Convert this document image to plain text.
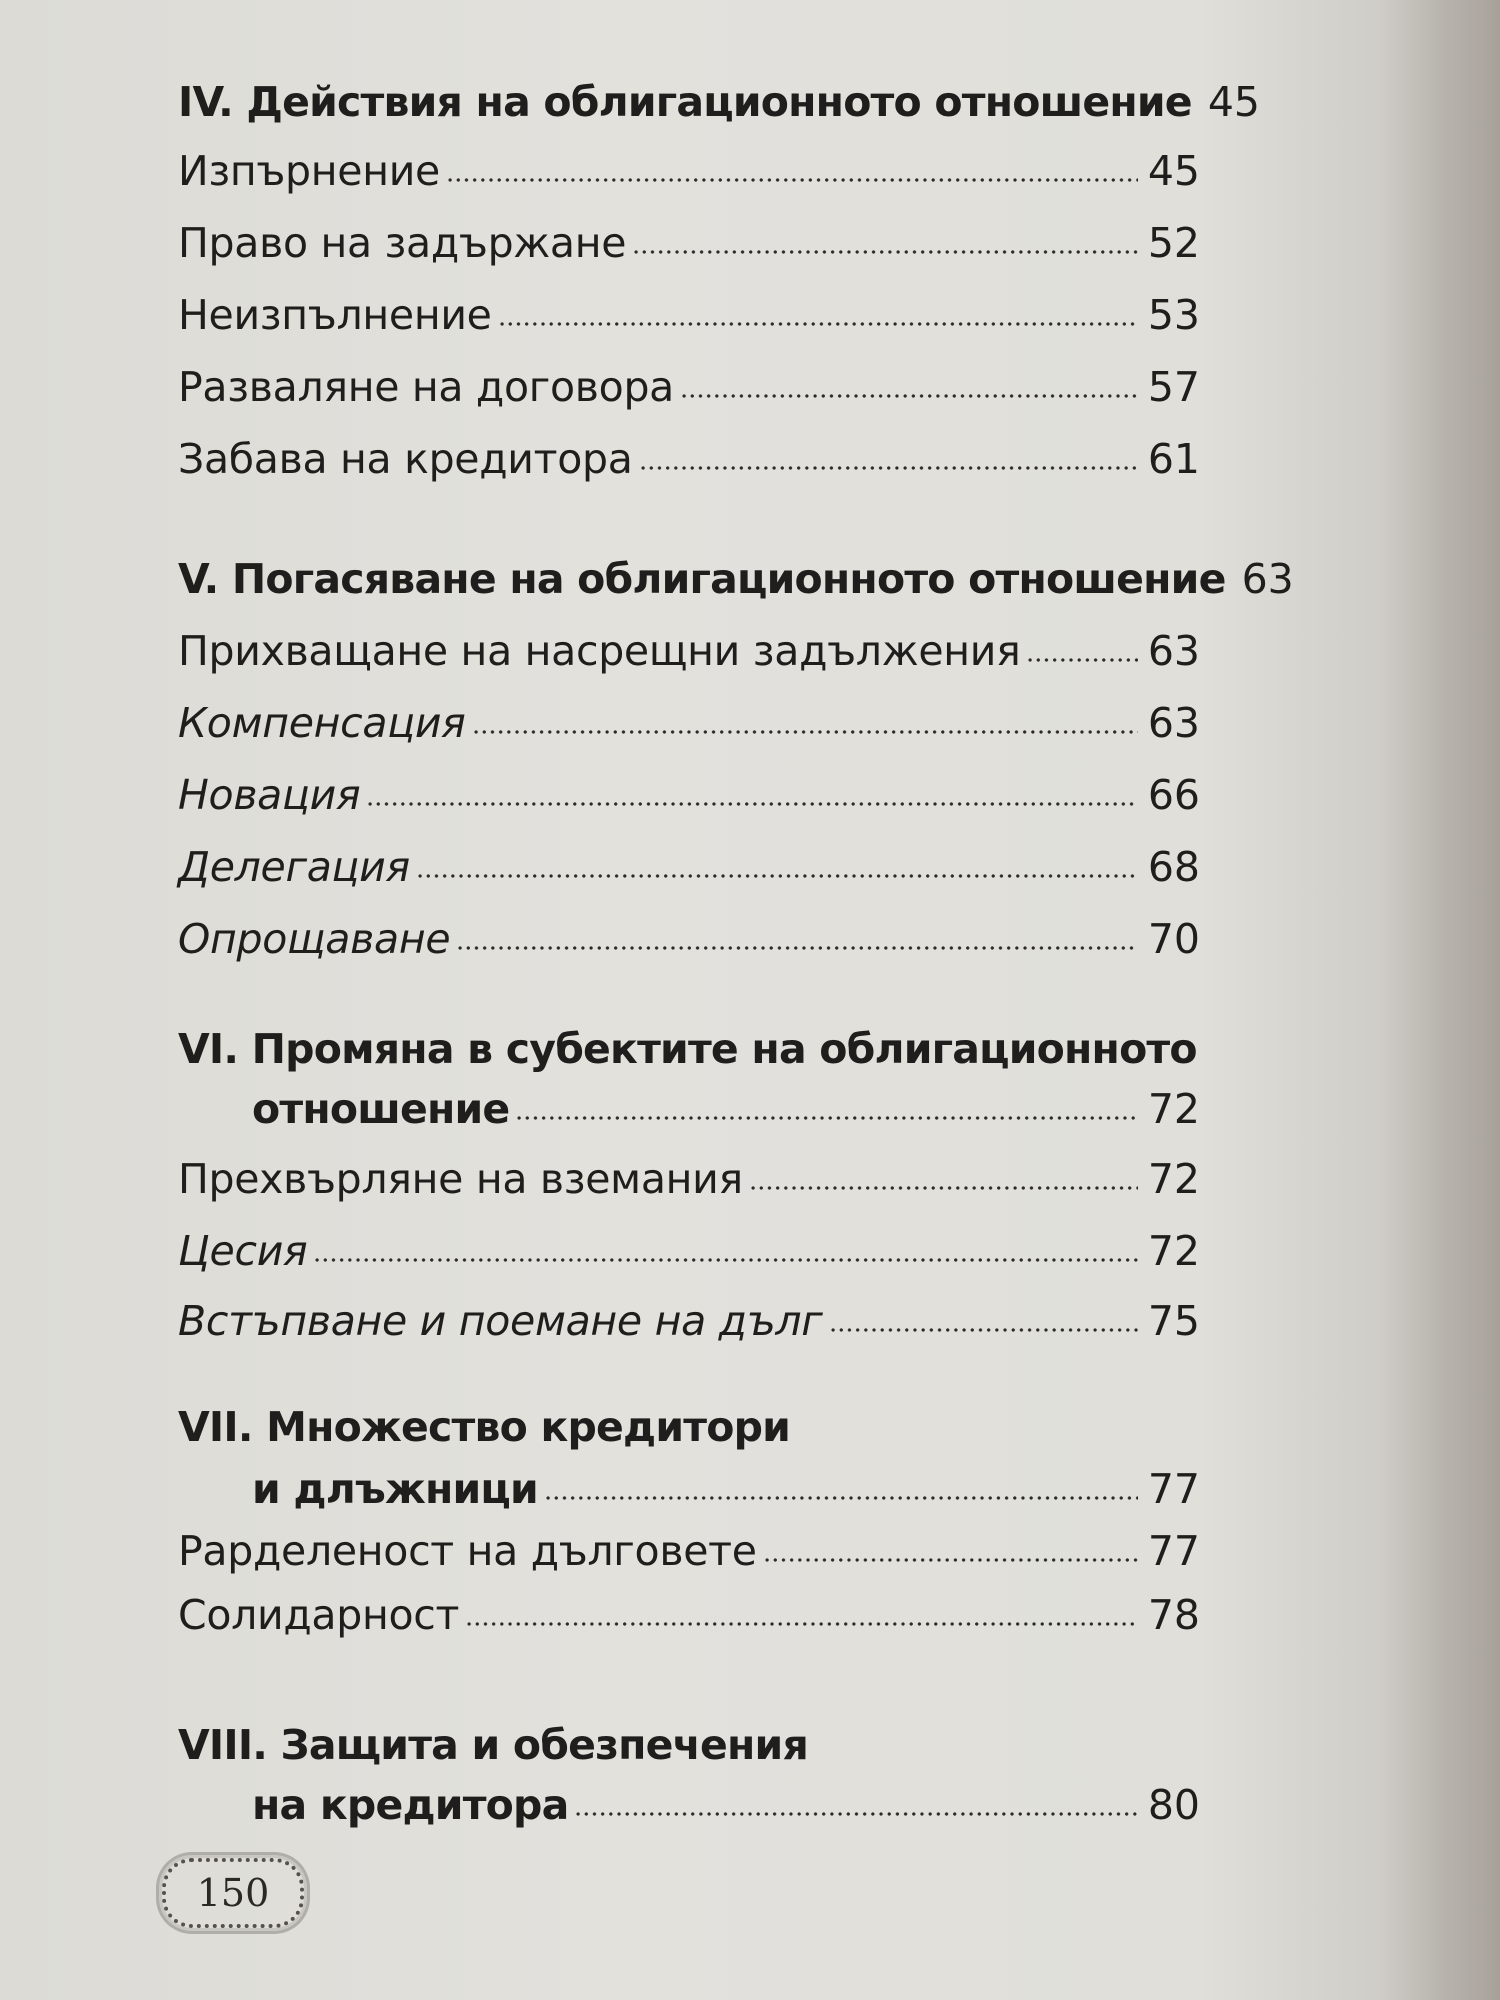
IV. Действия на облигационното отношение 45
Изпърнение	45
Право на задържане	52
Неизпълнение	53
Разваляне на договора	57
Забава на кредитора	61
V. Погасяване на облигационното отношение 63
Прихващане на насрещни задължения	63
Компенсация	63
Новация	66
Делегация	68
Опрощаване	70
VI. Промяна в субектите на облигационното
отношение	72
Прехвърляне на вземания	72
Цесия	72
Встъпване и поемане на дълг	75
VII. Множество кредитори
и длъжници	77
Рарделеност на дълговете	77
Солидарност	78
VIII. Защита и обезпечения
на кредитора	80
150
